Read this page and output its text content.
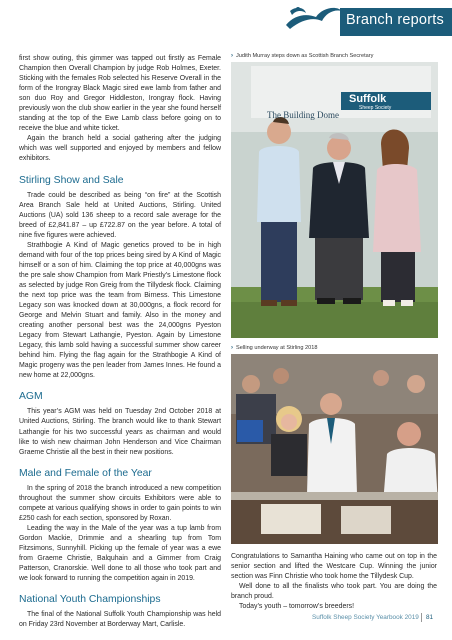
Branch reports

first show outing, this gimmer was tapped out firstly as Female Champion then Overall Champion by judge Rob Holmes, Exeter. Sticking with the females Rob selected his Reserve Overall in the form of the Irongray Black Magic sired ewe lamb from father and son duo Roy and Gregor Hiddleston, Irongray flock. Having previously won the club show earlier in the year she found herself standing at the top of the Ewe Lamb class before going on to receive the blue and white ticket.

Again the branch held a social gathering after the judging which was well supported and enjoyed by members and fellow exhibitors.

Stirling Show and Sale

Trade could be described as being “on fire” at the Scottish Area Branch Sale held at United Auctions, Stirling. United Auctions (UA) sold 136 sheep to a record sale average for the breed of £2,841.87 – up £722.87 on the year before. A total of nine five figures were achieved.

Strathbogie A Kind of Magic genetics proved to be in high demand with four of the top prices being sired by A Kind of Magic himself or a son of him. Claiming the top price at 40,000gns was the pre sale show Champion from Mark Priestly’s Limestone flock as selected by judge Ron Greig from the Tillydesk flock. Claiming the next top price was the team from Birness. This Limestone Legacy son was knocked down at 30,000gns, a flock record for George and Melvin Stuart and family. Also in the money and creating another personal best was the 24,000gns Pyeston Legacy from Stewart Lathangie, Pyeston. Again by Limestone Legacy, this lamb sold having a successful summer show career behind him. Flying the flag again for the Strathbogie A Kind of Magic progeny was the pen leader from James Innes. He found a new home at 22,000gns.

AGM

This year’s AGM was held on Tuesday 2nd October 2018 at United Auctions, Stirling. The branch would like to thank Stewart Lathangie for his two successful years as chairman and would like to wish new chairman John Henderson and Vice Chairman Graeme Christie all the best in their new positions.

Male and Female of the Year

In the spring of 2018 the branch introduced a new competition throughout the summer show circuits Exhibitors were able to compete at various qualifying shows in order to gain points to win £250 cash for each section, sponsored by Roxan.

Leading the way in the Male of the year was a tup lamb from Gordon Mackie, Drimmie and a shearling tup from Tom Fitzsimons, Sunnyhill. Picking up the female of year was a ewe from Graeme Christie, Balquhain and a Gimmer from Craig Patterson, Cranorskie. Well done to all those who took part and we look forward to running the competition again in 2019.

National Youth Championships

The final of the National Suffolk Youth Championship was held on Friday 23rd November at Borderway Mart, Carlisle.

› Judith Murray steps down as Scottish Branch Secretary
Suffolk
Sheep Society
The Building Dome
› Selling underway at Stirling 2018

Congratulations to Samantha Haining who came out on top in the senior section and lifted the Westcare Cup. Winning the junior section was Finn Christie who took home the Tillydesk Cup.

Well done to all the finalists who took part. You are doing the branch proud.

Today’s youth – tomorrow’s breeders!

Suffolk Sheep Society Yearbook 2019 81
